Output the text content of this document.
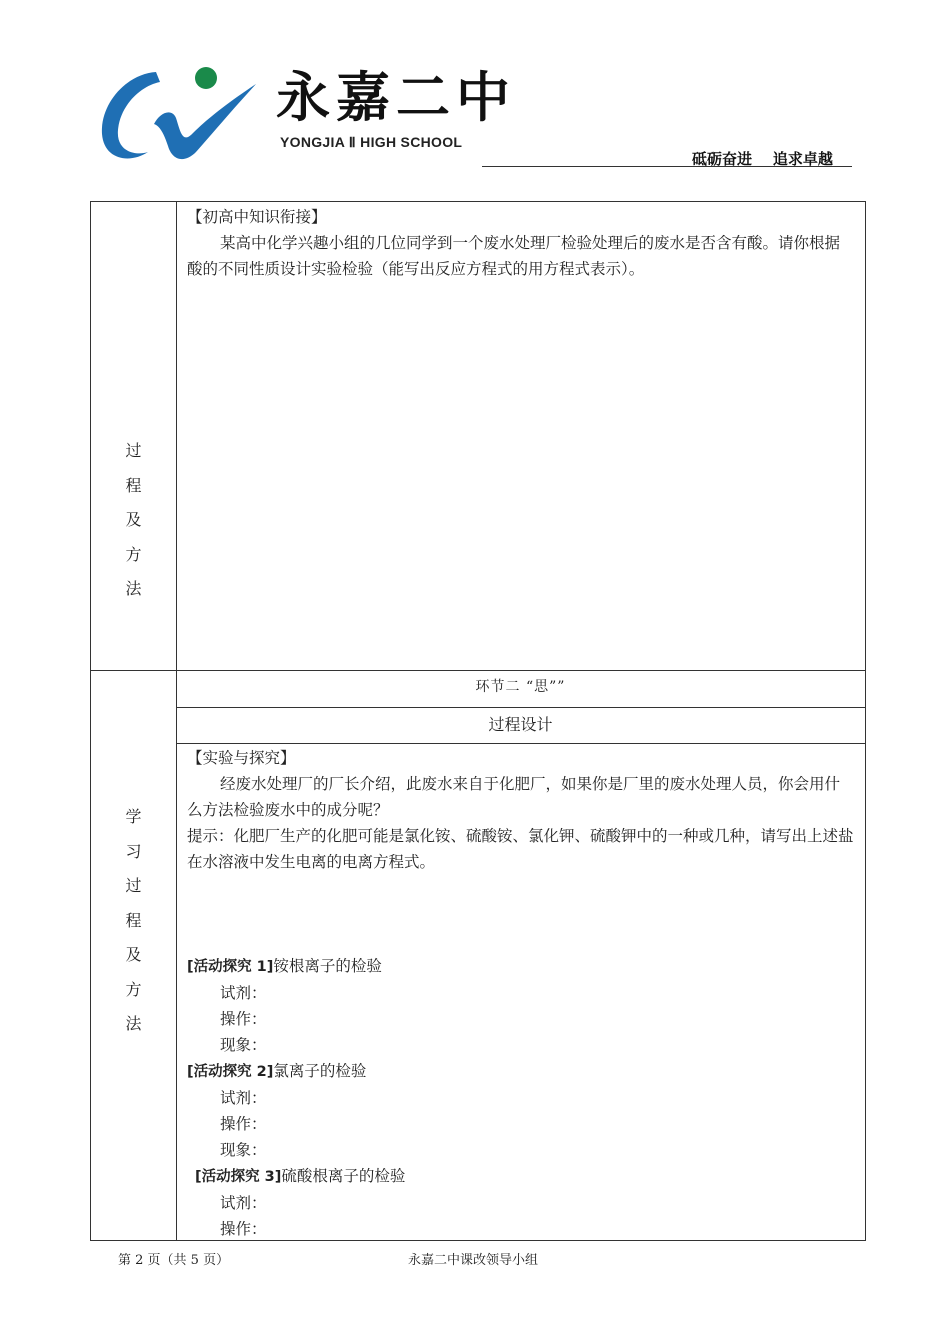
永嘉二中
YONGJIA Ⅱ HIGH SCHOOL
砥砺奋进    追求卓越
过
程
及
方
法
【初高中知识衔接】
某高中化学兴趣小组的几位同学到一个废水处理厂检验处理后的废水是否含有酸。请你根据酸的不同性质设计实验检验（能写出反应方程式的用方程式表示）。
环节二 “思””
过程设计
学
习
过
程
及
方
法
【实验与探究】
经废水处理厂的厂长介绍，此废水来自于化肥厂，如果你是厂里的废水处理人员，你会用什么方法检验废水中的成分呢？
提示：化肥厂生产的化肥可能是氯化铵、硫酸铵、氯化钾、硫酸钾中的一种或几种，请写出上述盐在水溶液中发生电离的电离方程式。
[活动探究 1]铵根离子的检验
试剂：
操作：
现象：
[活动探究 2]氯离子的检验
试剂：
操作：
现象：
[活动探究 3]硫酸根离子的检验
试剂：
操作：
第 2 页（共 5 页）	永嘉二中课改领导小组
